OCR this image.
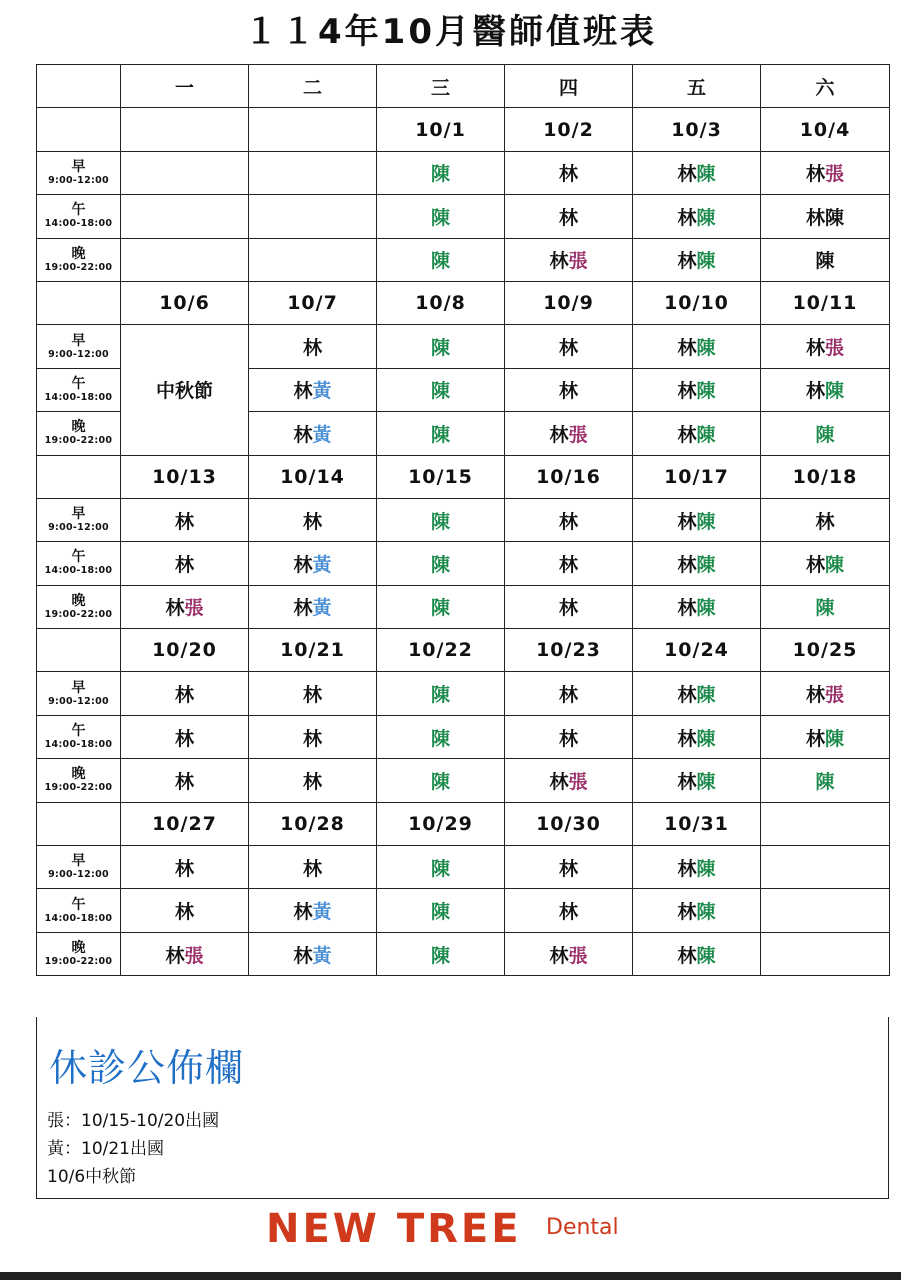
１１4年10月醫師值班表
	一	二	三	四	五	六
			10/1	10/2	10/3	10/4

早
9:00-12:00			陳	林	林陳	林張

午
14:00-18:00			陳	林	林陳	林陳

晚
19:00-22:00			陳	林張	林陳	陳
	10/6	10/7	10/8	10/9	10/10	10/11

早
9:00-12:00	中秋節	林	陳	林	林陳	林張

午
14:00-18:00		林黃	陳	林	林陳	林陳

晚
19:00-22:00		林黃	陳	林張	林陳	陳
	10/13	10/14	10/15	10/16	10/17	10/18

早
9:00-12:00	林	林	陳	林	林陳	林

午
14:00-18:00	林	林黃	陳	林	林陳	林陳

晚
19:00-22:00	林張	林黃	陳	林	林陳	陳
	10/20	10/21	10/22	10/23	10/24	10/25

早
9:00-12:00	林	林	陳	林	林陳	林張

午
14:00-18:00	林	林	陳	林	林陳	林陳

晚
19:00-22:00	林	林	陳	林張	林陳	陳
	10/27	10/28	10/29	10/30	10/31	

早
9:00-12:00	林	林	陳	林	林陳	

午
14:00-18:00	林	林黃	陳	林	林陳	

晚
19:00-22:00	林張	林黃	陳	林張	林陳	
休診公佈欄
張：10/15-10/20出國
黃：10/21出國
10/6中秋節
NEW TREE Dental
